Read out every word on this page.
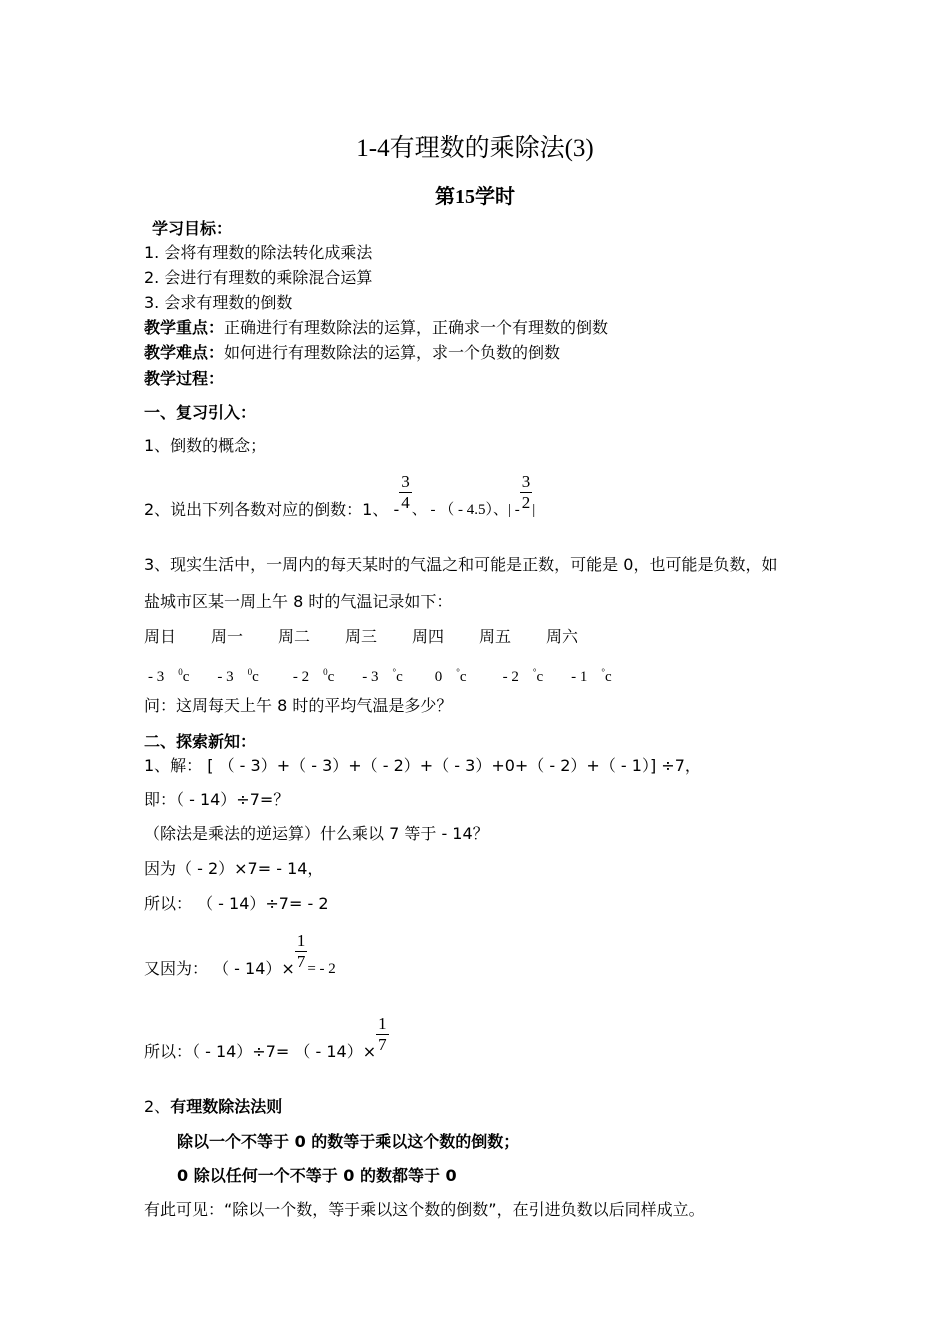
1-4有理数的乘除法(3)
第15学时
学习目标：
1. 会将有理数的除法转化成乘法
2. 会进行有理数的乘除混合运算
3. 会求有理数的倒数
教学重点：正确进行有理数除法的运算，正确求一个有理数的倒数
教学难点：如何进行有理数除法的运算，求一个负数的倒数
教学过程：
一、复习引入：
1、倒数的概念；
2、说出下列各数对应的倒数：1、 - $\frac{3}{4}$ 、 - （ - 4.5）、| - $\frac{3}{2}$ |
3、现实生活中，一周内的每天某时的气温之和可能是正数，可能是 0，也可能是负数，如
盐城市区某一周上午 8 时的气温记录如下：
周日 周一 周二 周三 周四 周五 周六
- 3 $^0$c - 3 $^0$c - 2 $^0$c - 3 °c 0 °c - 2 °c - 1 °c
问：这周每天上午 8 时的平均气温是多少？
二、探索新知：
1、解： [ （ - 3）+（ - 3）+（ - 2）+（ - 3）+0+（ - 2）+（ - 1）] ÷7，
即：（ - 14）÷7=？
（除法是乘法的逆运算）什么乘以 7 等于 - 14？
因为（ - 2）×7= - 14，
所以： （ - 14）÷7= - 2
又因为： （ - $14)\times \frac{1}{7}$ = - 2
所以：（ - 14）÷7= （ - $14)\times \frac{1}{7}$
2、有理数除法法则
除以一个不等于 0 的数等于乘以这个数的倒数；
0 除以任何一个不等于 0 的数都等于 0
有此可见：“除以一个数，等于乘以这个数的倒数”，在引进负数以后同样成立。
